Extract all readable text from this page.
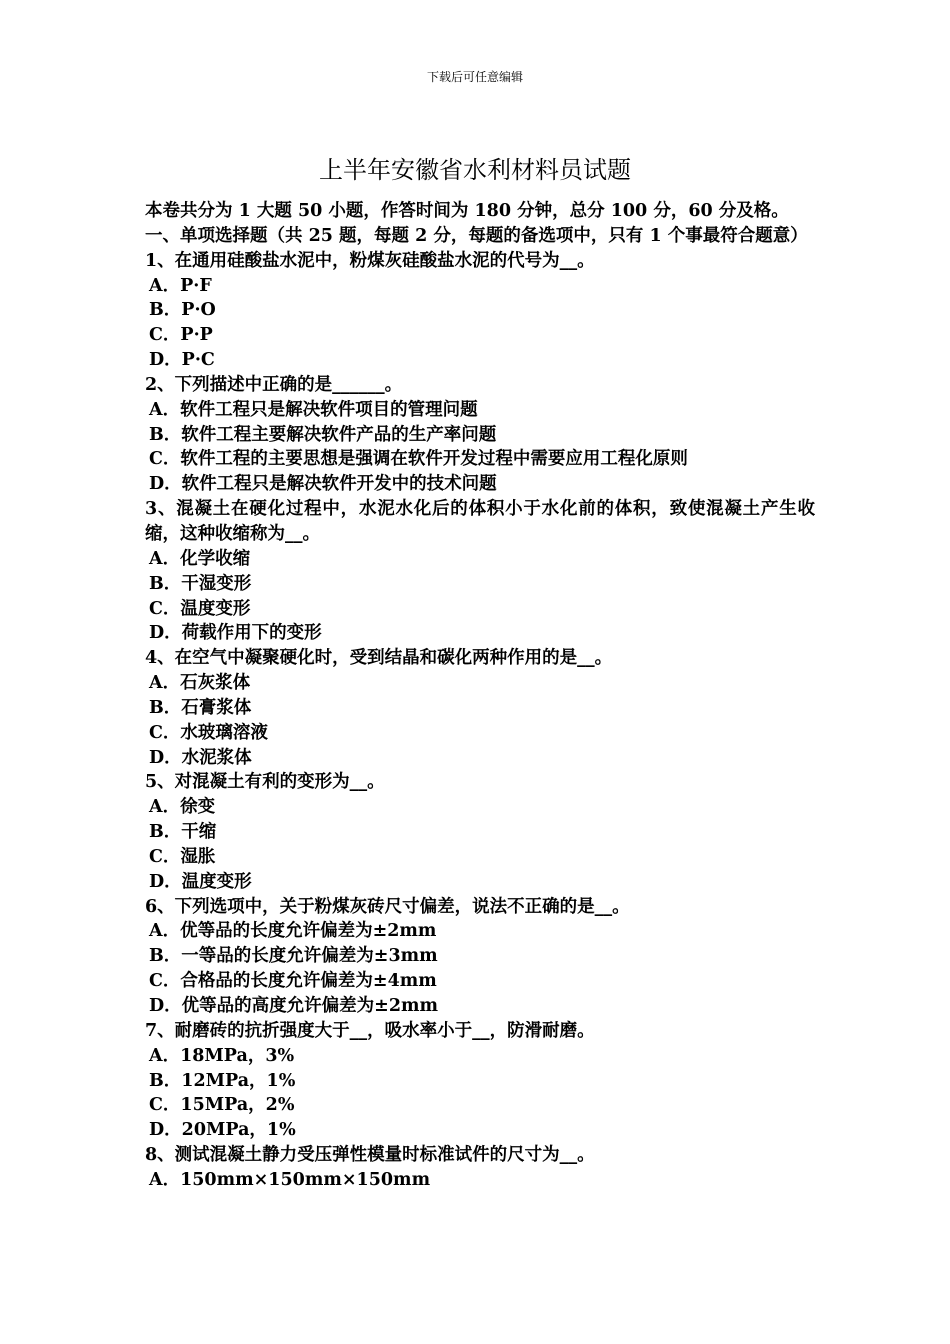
下载后可任意编辑
上半年安徽省水利材料员试题
本卷共分为 1 大题 50 小题，作答时间为 180 分钟，总分 100 分，60 分及格。
一、单项选择题（共 25 题，每题 2 分，每题的备选项中，只有 1 个事最符合题意）
1、在通用硅酸盐水泥中，粉煤灰硅酸盐水泥的代号为__。
A．P·F
B．P·O
C．P·P
D．P·C
2、下列描述中正确的是______。
A．软件工程只是解决软件项目的管理问题
B．软件工程主要解决软件产品的生产率问题
C．软件工程的主要思想是强调在软件开发过程中需要应用工程化原则
D．软件工程只是解决软件开发中的技术问题
3、混凝土在硬化过程中，水泥水化后的体积小于水化前的体积，致使混凝土产生收缩，这种收缩称为__。
A．化学收缩
B．干湿变形
C．温度变形
D．荷载作用下的变形
4、在空气中凝聚硬化时，受到结晶和碳化两种作用的是__。
A．石灰浆体
B．石膏浆体
C．水玻璃溶液
D．水泥浆体
5、对混凝土有利的变形为__。
A．徐变
B．干缩
C．湿胀
D．温度变形
6、下列选项中，关于粉煤灰砖尺寸偏差，说法不正确的是__。
A．优等品的长度允许偏差为±2mm
B．一等品的长度允许偏差为±3mm
C．合格品的长度允许偏差为±4mm
D．优等品的高度允许偏差为±2mm
7、耐磨砖的抗折强度大于__，吸水率小于__，防滑耐磨。
A．18MPa，3%
B．12MPa，1%
C．15MPa，2%
D．20MPa，1%
8、测试混凝土静力受压弹性模量时标准试件的尺寸为__。
A．150mm×150mm×150mm
